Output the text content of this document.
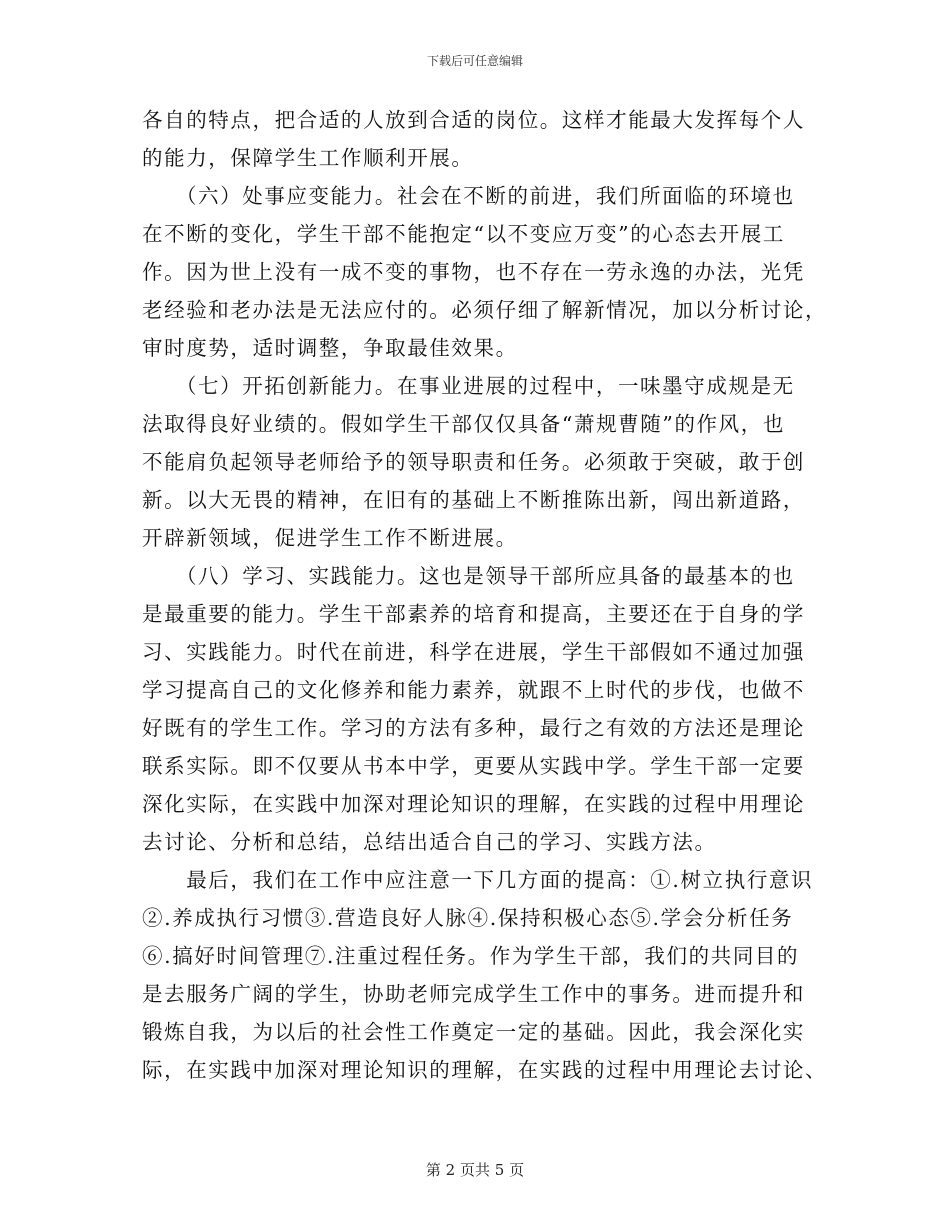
下载后可任意编辑
各自的特点，把合适的人放到合适的岗位。这样才能最大发挥每个人
的能力，保障学生工作顺利开展。
　　（六）处事应变能力。社会在不断的前进，我们所面临的环境也
在不断的变化，学生干部不能抱定“以不变应万变”的心态去开展工
作。因为世上没有一成不变的事物，也不存在一劳永逸的办法，光凭
老经验和老办法是无法应付的。必须仔细了解新情况，加以分析讨论，
审时度势，适时调整，争取最佳效果。
　　（七）开拓创新能力。在事业进展的过程中，一味墨守成规是无
法取得良好业绩的。假如学生干部仅仅具备“萧规曹随”的作风，也
不能肩负起领导老师给予的领导职责和任务。必须敢于突破，敢于创
新。以大无畏的精神，在旧有的基础上不断推陈出新，闯出新道路，
开辟新领域，促进学生工作不断进展。
　　（八）学习、实践能力。这也是领导干部所应具备的最基本的也
是最重要的能力。学生干部素养的培育和提高，主要还在于自身的学
习、实践能力。时代在前进，科学在进展，学生干部假如不通过加强
学习提高自己的文化修养和能力素养，就跟不上时代的步伐，也做不
好既有的学生工作。学习的方法有多种，最行之有效的方法还是理论
联系实际。即不仅要从书本中学，更要从实践中学。学生干部一定要
深化实际，在实践中加深对理论知识的理解，在实践的过程中用理论
去讨论、分析和总结，总结出适合自己的学习、实践方法。
　　最后，我们在工作中应注意一下几方面的提高：①.树立执行意识
②.养成执行习惯③.营造良好人脉④.保持积极心态⑤.学会分析任务
⑥.搞好时间管理⑦.注重过程任务。作为学生干部，我们的共同目的
是去服务广阔的学生，协助老师完成学生工作中的事务。进而提升和
锻炼自我，为以后的社会性工作奠定一定的基础。因此，我会深化实
际，在实践中加深对理论知识的理解，在实践的过程中用理论去讨论、
第 2 页共 5 页
